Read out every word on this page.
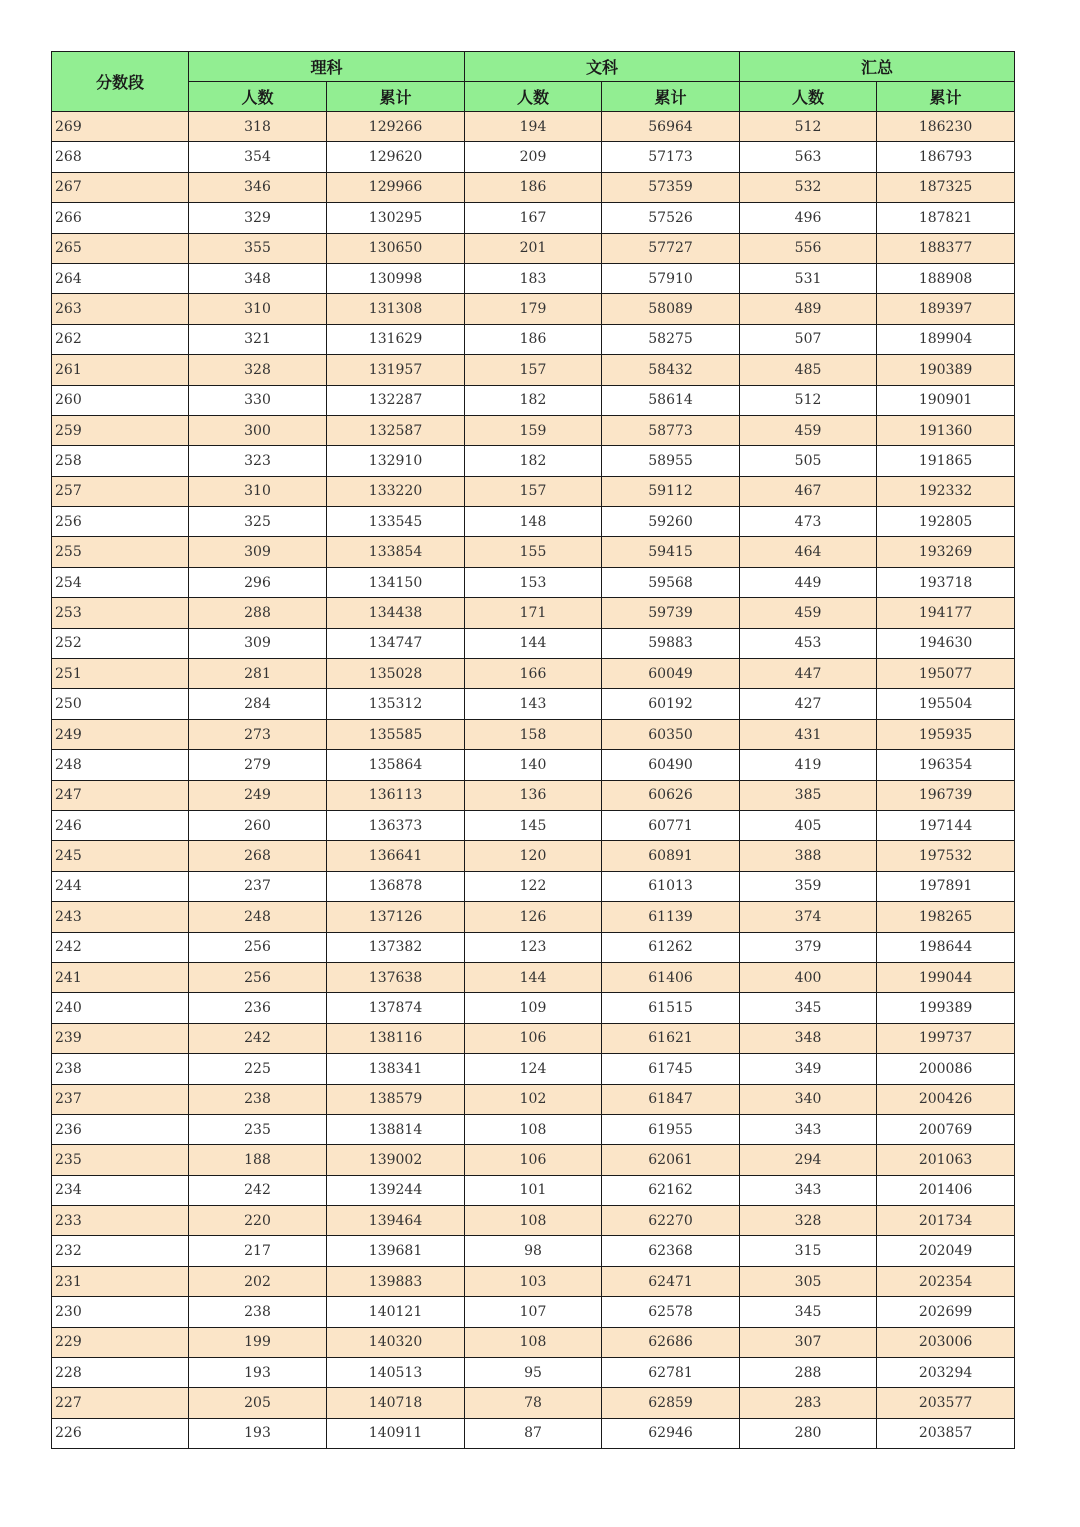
分数段	理科		文科		汇总	
	人数	累计	人数	累计	人数	累计
269	318	129266	194	56964	512	186230
268	354	129620	209	57173	563	186793
267	346	129966	186	57359	532	187325
266	329	130295	167	57526	496	187821
265	355	130650	201	57727	556	188377
264	348	130998	183	57910	531	188908
263	310	131308	179	58089	489	189397
262	321	131629	186	58275	507	189904
261	328	131957	157	58432	485	190389
260	330	132287	182	58614	512	190901
259	300	132587	159	58773	459	191360
258	323	132910	182	58955	505	191865
257	310	133220	157	59112	467	192332
256	325	133545	148	59260	473	192805
255	309	133854	155	59415	464	193269
254	296	134150	153	59568	449	193718
253	288	134438	171	59739	459	194177
252	309	134747	144	59883	453	194630
251	281	135028	166	60049	447	195077
250	284	135312	143	60192	427	195504
249	273	135585	158	60350	431	195935
248	279	135864	140	60490	419	196354
247	249	136113	136	60626	385	196739
246	260	136373	145	60771	405	197144
245	268	136641	120	60891	388	197532
244	237	136878	122	61013	359	197891
243	248	137126	126	61139	374	198265
242	256	137382	123	61262	379	198644
241	256	137638	144	61406	400	199044
240	236	137874	109	61515	345	199389
239	242	138116	106	61621	348	199737
238	225	138341	124	61745	349	200086
237	238	138579	102	61847	340	200426
236	235	138814	108	61955	343	200769
235	188	139002	106	62061	294	201063
234	242	139244	101	62162	343	201406
233	220	139464	108	62270	328	201734
232	217	139681	98	62368	315	202049
231	202	139883	103	62471	305	202354
230	238	140121	107	62578	345	202699
229	199	140320	108	62686	307	203006
228	193	140513	95	62781	288	203294
227	205	140718	78	62859	283	203577
226	193	140911	87	62946	280	203857
